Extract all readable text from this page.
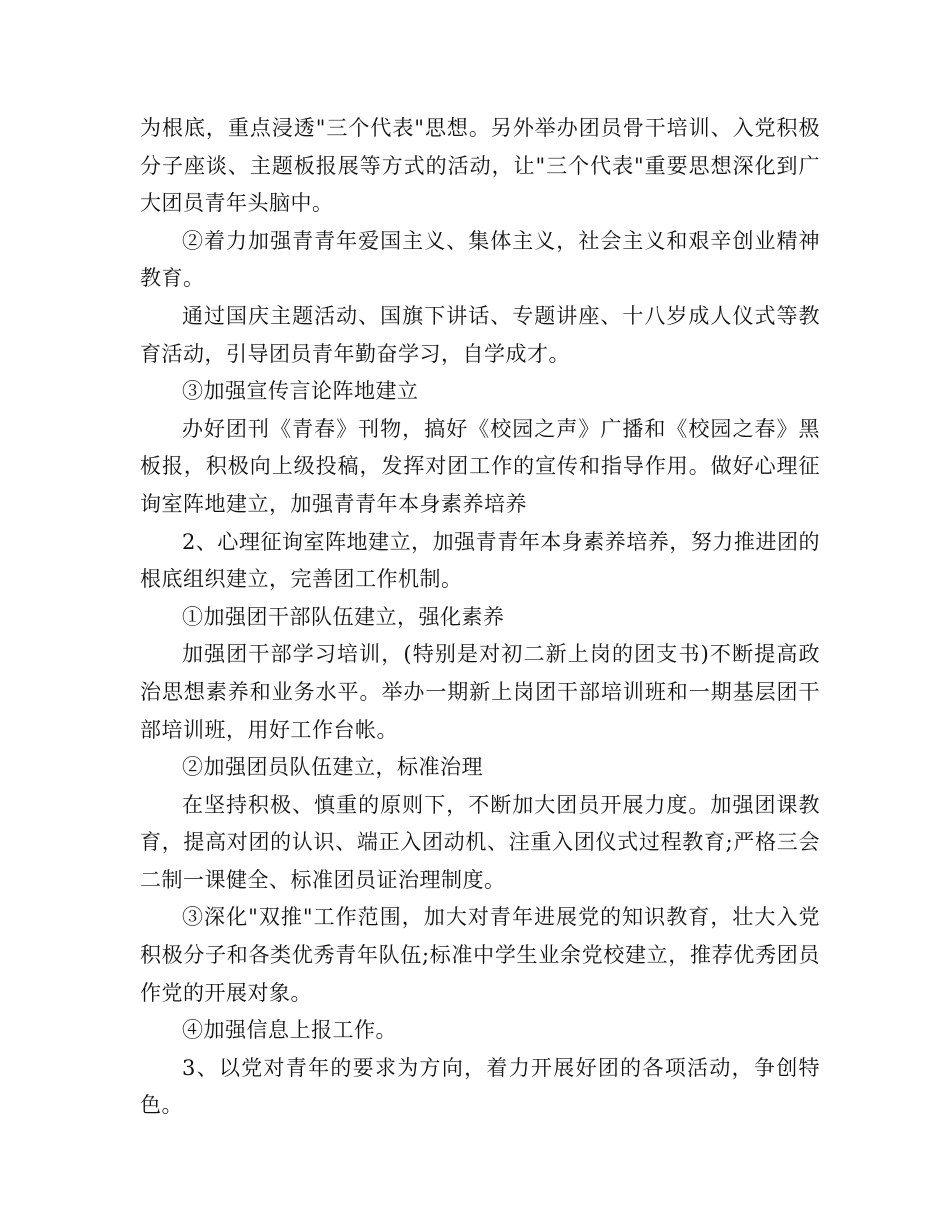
为根底，重点浸透"三个代表"思想。另外举办团员骨干培训、入党积极分子座谈、主题板报展等方式的活动，让"三个代表"重要思想深化到广大团员青年头脑中。

②着力加强青青年爱国主义、集体主义，社会主义和艰辛创业精神教育。

通过国庆主题活动、国旗下讲话、专题讲座、十八岁成人仪式等教育活动，引导团员青年勤奋学习，自学成才。

③加强宣传言论阵地建立

办好团刊《青春》刊物，搞好《校园之声》广播和《校园之春》黑板报，积极向上级投稿，发挥对团工作的宣传和指导作用。做好心理征询室阵地建立，加强青青年本身素养培养

2、心理征询室阵地建立，加强青青年本身素养培养，努力推进团的根底组织建立，完善团工作机制。

①加强团干部队伍建立，强化素养

加强团干部学习培训，(特别是对初二新上岗的团支书)不断提高政治思想素养和业务水平。举办一期新上岗团干部培训班和一期基层团干部培训班，用好工作台帐。

②加强团员队伍建立，标准治理

在坚持积极、慎重的原则下，不断加大团员开展力度。加强团课教育，提高对团的认识、端正入团动机、注重入团仪式过程教育;严格三会二制一课健全、标准团员证治理制度。

③深化"双推"工作范围，加大对青年进展党的知识教育，壮大入党积极分子和各类优秀青年队伍;标准中学生业余党校建立，推荐优秀团员作党的开展对象。

④加强信息上报工作。

3、以党对青年的要求为方向，着力开展好团的各项活动，争创特色。
